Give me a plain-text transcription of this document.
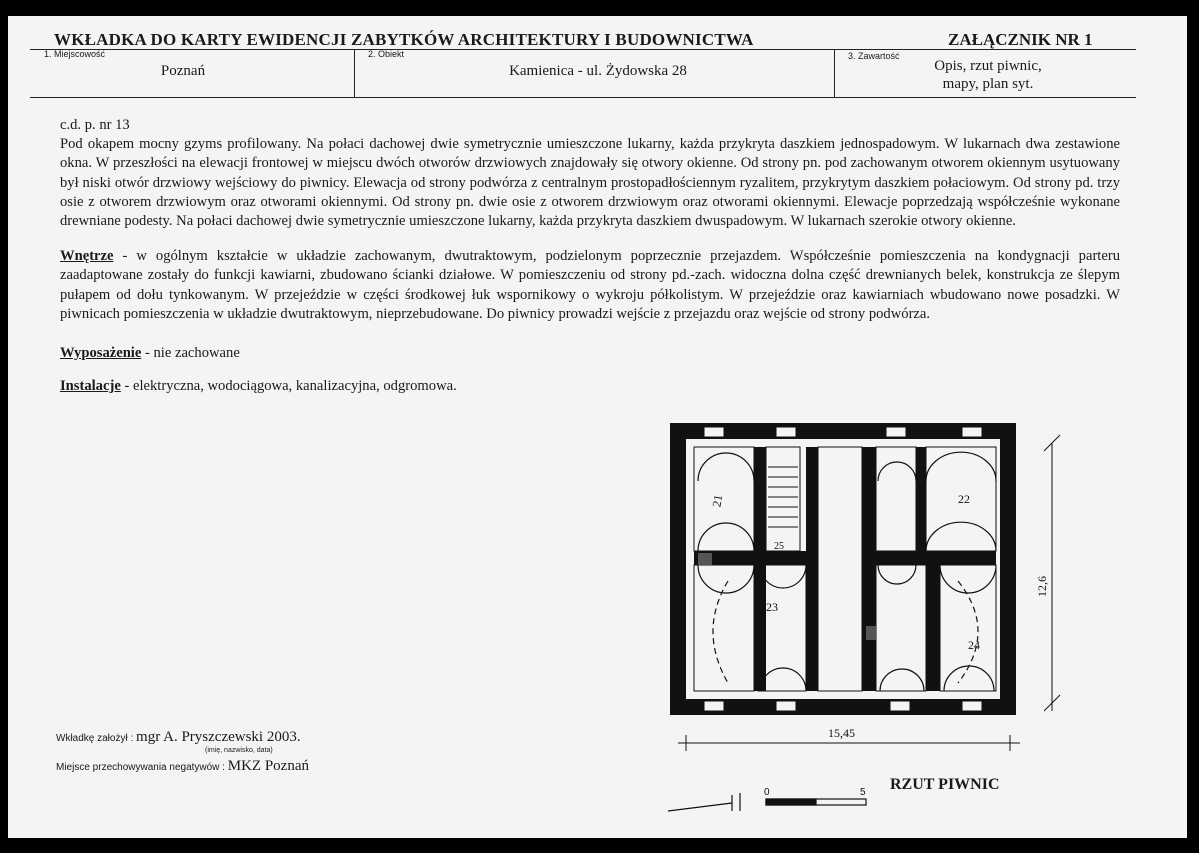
WKŁADKA DO KARTY EWIDENCJI ZABYTKÓW ARCHITEKTURY I BUDOWNICTWA	ZAŁĄCZNIK NR 1
1. Miejscowość
Poznań
2. Obiekt
Kamienica - ul. Żydowska 28
3. Zawartość
Opis, rzut piwnic,
mapy, plan syt.

c.d. p. nr 13

Pod okapem mocny gzyms profilowany. Na połaci dachowej dwie symetrycznie umieszczone lukarny, każda przykryta daszkiem jednospadowym. W lukarnach dwa zestawione okna. W przeszłości na elewacji frontowej w miejscu dwóch otworów drzwiowych znajdowały się otwory okienne. Od strony pn. pod zachowanym otworem okiennym usytuowany był niski otwór drzwiowy wejściowy do piwnicy. Elewacja od strony podwórza z centralnym prostopadłościennym ryzalitem, przykrytym daszkiem połaciowym. Od strony pd. trzy osie z otworem drzwiowym oraz otworami okiennymi. Od strony pn. dwie osie z otworem drzwiowym oraz otworami okiennymi. Elewacje poprzedzają współcześnie wykonane drewniane podesty. Na połaci dachowej dwie symetrycznie umieszczone lukarny, każda przykryta daszkiem dwuspadowym. W lukarnach szerokie otwory okienne.

Wnętrze - w ogólnym kształcie w układzie zachowanym, dwutraktowym, podzielonym poprzecznie przejazdem. Współcześnie pomieszczenia na kondygnacji parteru zaadaptowane zostały do funkcji kawiarni, zbudowano ścianki działowe. W pomieszczeniu od strony pd.-zach. widoczna dolna część drewnianych belek, konstrukcja ze ślepym pułapem od dołu tynkowanym. W przejeździe w części środkowej łuk wspornikowy o wykroju półkolistym. W przejeździe oraz kawiarniach wbudowano nowe posadzki. W piwnicach pomieszczenia w układzie dwutraktowym, nieprzebudowane. Do piwnicy prowadzi wejście z przejazdu oraz wejście od strony podwórza.

Wyposażenie - nie zachowane

Instalacje - elektryczna, wodociągowa, kanalizacyjna, odgromowa.

Wkładkę założył : mgr A. Pryszczewski 2003.
(imię, nazwisko, data)
Miejsce przechowywania negatywów : MKZ Poznań
21	22
23
24
25
12,6
15,45
0	5 RZUT PIWNIC
